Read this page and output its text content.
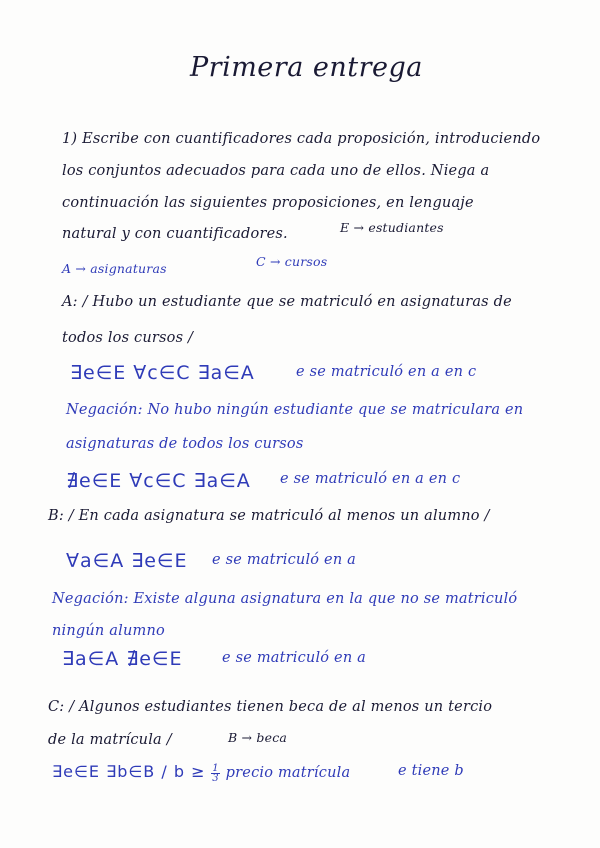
Primera entrega
1) Escribe con cuantificadores cada proposición, introduciendo
los conjuntos adecuados para cada uno de ellos. Niega a
continuación las siguientes proposiciones, en lenguaje
natural y con cuantificadores.	E → estudiantes
A → asignaturas	C → cursos
A: / Hubo un estudiante que se matriculó en asignaturas de
todos los cursos /
∃e∈E ∀c∈C ∃a∈A	e se matriculó en a en c
Negación: No hubo ningún estudiante que se matriculara en
asignaturas de todos los cursos
∄e∈E ∀c∈C ∃a∈A e se matriculó en a en c
B: / En cada asignatura se matriculó al menos un alumno /
∀a∈A ∃e∈E e se matriculó en a
Negación: Existe alguna asignatura en la que no se matriculó
ningún alumno
∃a∈A ∄e∈E	e se matriculó en a
C: / Algunos estudiantes tienen beca de al menos un tercio
de la matrícula /	B → beca
∃e∈E ∃b∈B / $b \ge \frac{1}{3}$ precio matrícula	e tiene b
